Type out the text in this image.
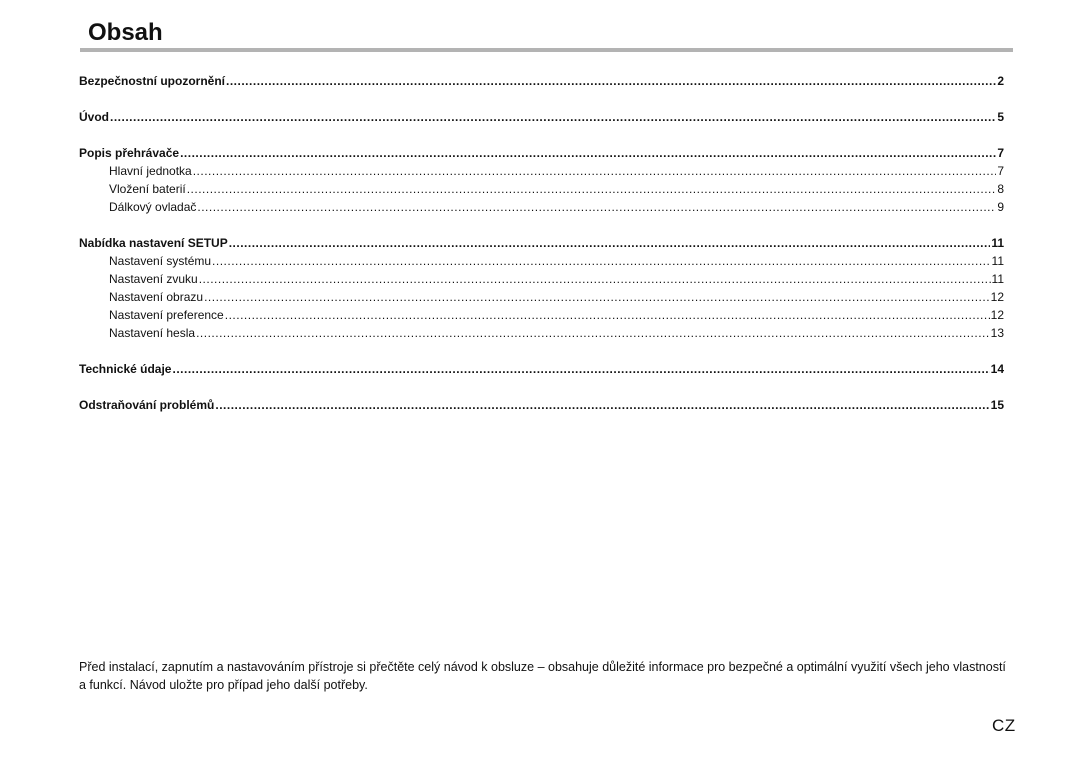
Obsah
Bezpečnostní upozornění .....	2
Úvod .....	5
Popis přehrávače .....	7
Hlavní jednotka .....	7
Vložení baterií .....	8
Dálkový ovladač .....	9
Nabídka nastavení SETUP .....	11
Nastavení systému .....	11
Nastavení zvuku .....	11
Nastavení obrazu .....	12
Nastavení preference .....	12
Nastavení hesla .....	13
Technické údaje .....	14
Odstraňování problémů .....	15

Před instalací, zapnutím a nastavováním přístroje si přečtěte celý návod k obsluze – obsahuje důležité informace pro bezpečné a optimální využití všech jeho vlastností a funkcí. Návod uložte pro případ jeho další potřeby.

CZ
